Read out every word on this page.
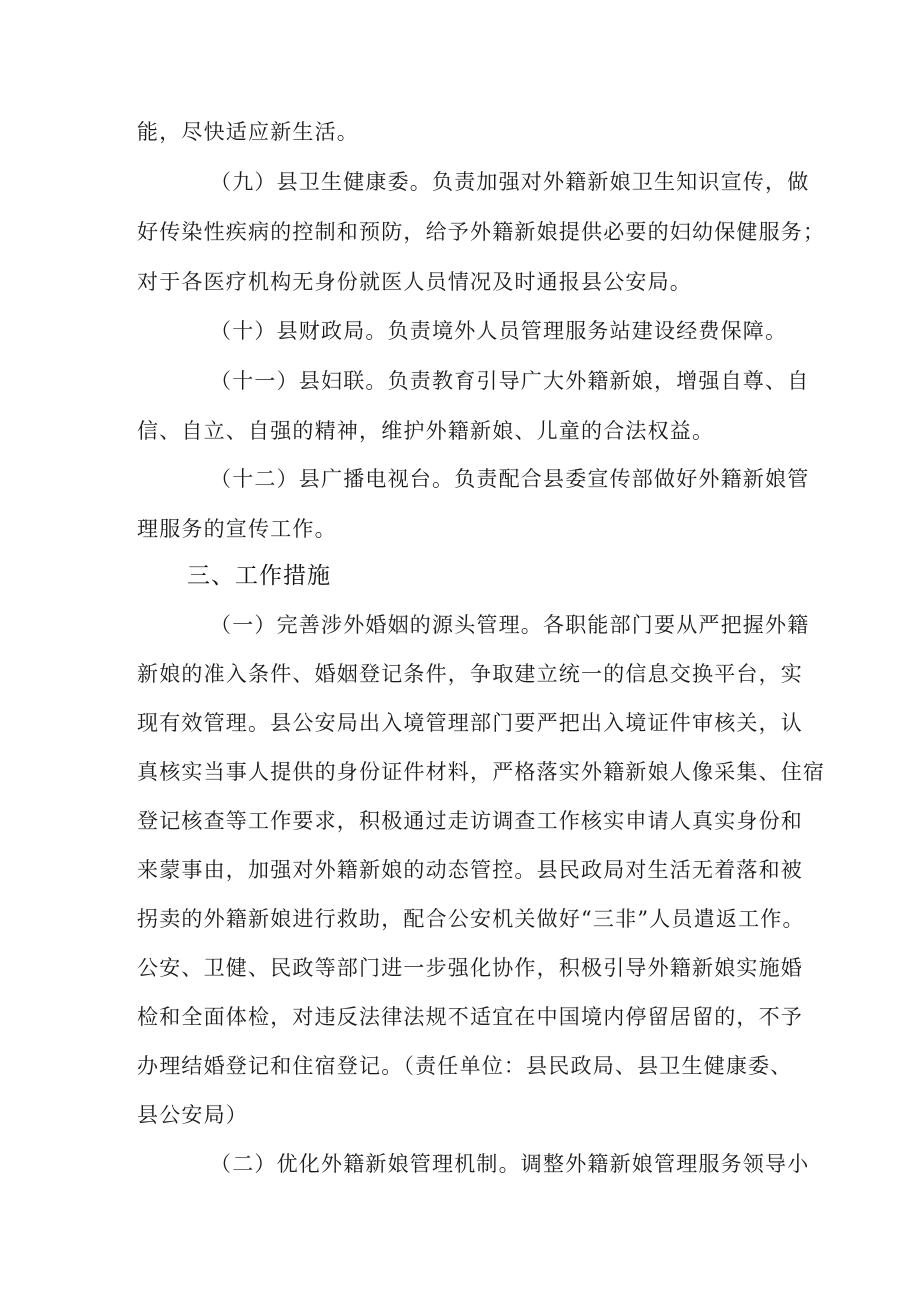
能，尽快适应新生活。
（九）县卫生健康委。负责加强对外籍新娘卫生知识宣传，做
好传染性疾病的控制和预防，给予外籍新娘提供必要的妇幼保健服务；
对于各医疗机构无身份就医人员情况及时通报县公安局。
（十）县财政局。负责境外人员管理服务站建设经费保障。
（十一）县妇联。负责教育引导广大外籍新娘，增强自尊、自
信、自立、自强的精神，维护外籍新娘、儿童的合法权益。
（十二）县广播电视台。负责配合县委宣传部做好外籍新娘管
理服务的宣传工作。
三、工作措施
（一）完善涉外婚姻的源头管理。各职能部门要从严把握外籍
新娘的准入条件、婚姻登记条件，争取建立统一的信息交换平台，实
现有效管理。县公安局出入境管理部门要严把出入境证件审核关，认
真核实当事人提供的身份证件材料，严格落实外籍新娘人像采集、住宿
登记核查等工作要求，积极通过走访调查工作核实申请人真实身份和
来蒙事由，加强对外籍新娘的动态管控。县民政局对生活无着落和被
拐卖的外籍新娘进行救助，配合公安机关做好“三非”人员遣返工作。
公安、卫健、民政等部门进一步强化协作，积极引导外籍新娘实施婚
检和全面体检，对违反法律法规不适宜在中国境内停留居留的，不予
办理结婚登记和住宿登记。（责任单位：县民政局、县卫生健康委、
县公安局）
（二）优化外籍新娘管理机制。调整外籍新娘管理服务领导小
